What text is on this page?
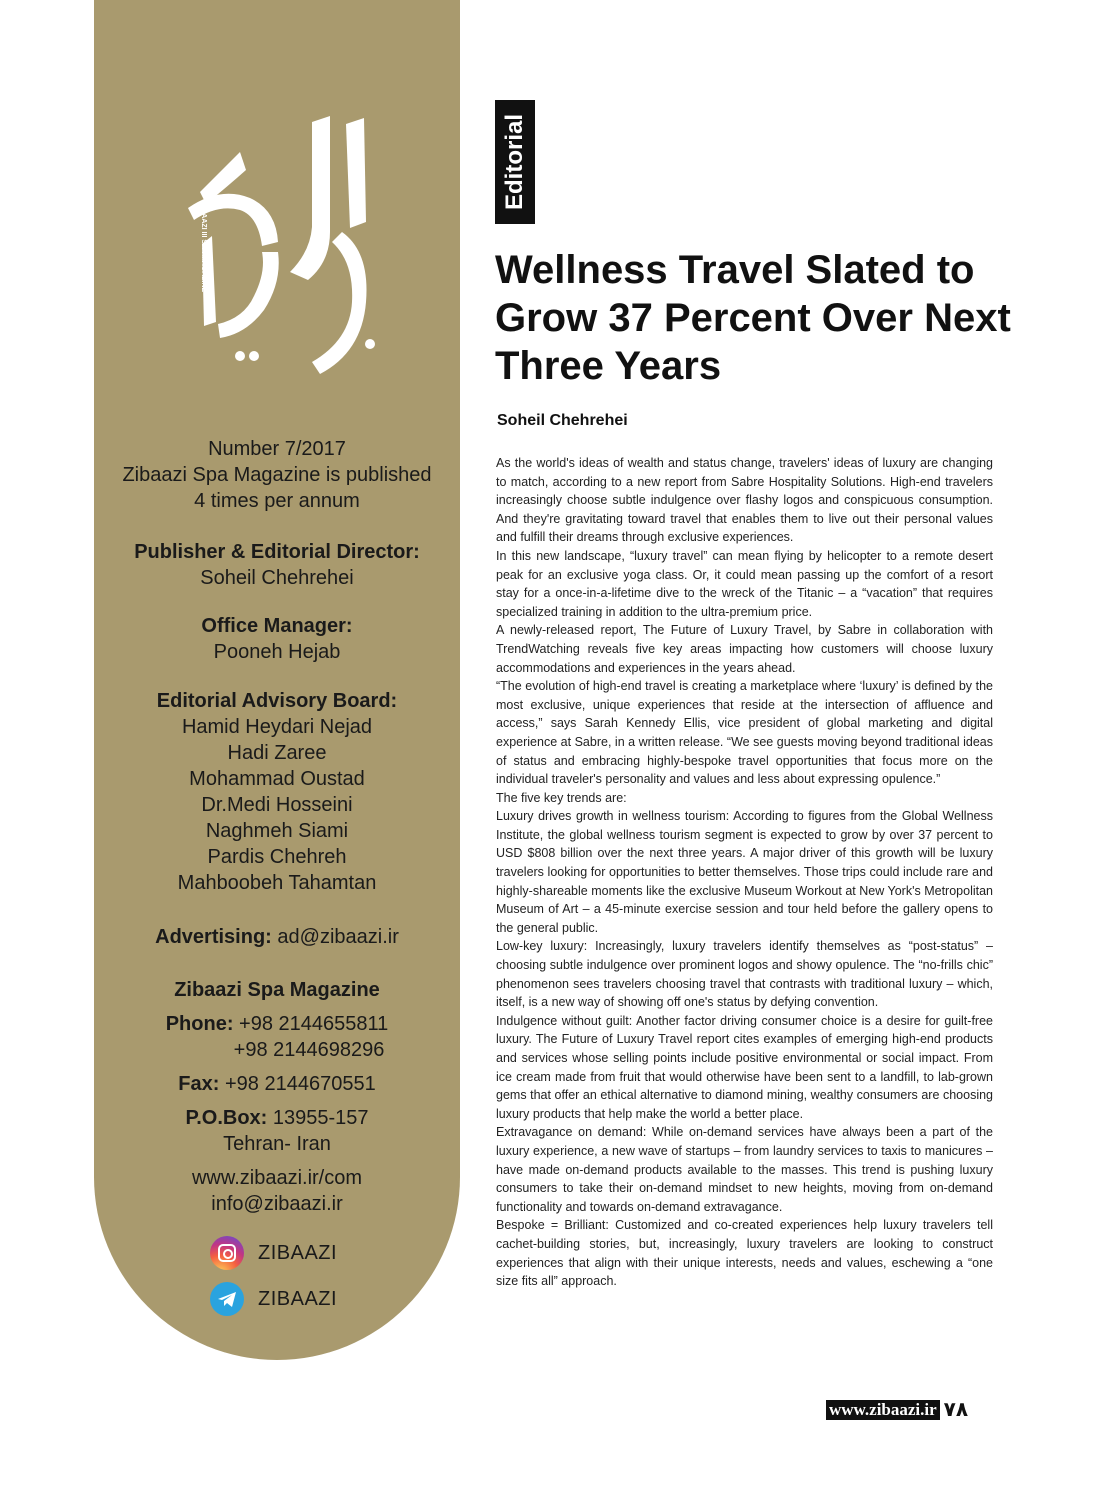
ZIBAAZI III SPA MAGAZINE
Number 7/2017
Zibaazi Spa Magazine is published
4 times per annum
Publisher & Editorial Director:
Soheil Chehrehei
Office Manager:
Pooneh Hejab
Editorial Advisory Board:
Hamid Heydari Nejad
Hadi Zaree
Mohammad Oustad
Dr.Medi Hosseini
Naghmeh Siami
Pardis Chehreh
Mahboobeh Tahamtan
Advertising: ad@zibaazi.ir
Zibaazi Spa Magazine
Phone: +98 2144655811
+98 2144698296
Fax: +98 2144670551
P.O.Box: 13955-157
Tehran- Iran
www.zibaazi.ir/com
info@zibaazi.ir
ZIBAAZI
ZIBAAZI
Editorial
Wellness Travel Slated to Grow 37 Percent Over Next Three Years
Soheil Chehrehei

As the world's ideas of wealth and status change, travelers' ideas of luxury are changing to match, according to a new report from Sabre Hospitality Solutions. High-end travelers increasingly choose subtle indulgence over flashy logos and conspicuous consumption. And they're gravitating toward travel that enables them to live out their personal values and fulfill their dreams through exclusive experiences.

In this new landscape, “luxury travel” can mean flying by helicopter to a remote desert peak for an exclusive yoga class. Or, it could mean passing up the comfort of a resort stay for a once-in-a-lifetime dive to the wreck of the Titanic – a “vacation” that requires specialized training in addition to the ultra-premium price.

A newly-released report, The Future of Luxury Travel, by Sabre in collaboration with TrendWatching reveals five key areas impacting how customers will choose luxury accommodations and experiences in the years ahead.

“The evolution of high-end travel is creating a marketplace where ‘luxury’ is defined by the most exclusive, unique experiences that reside at the intersection of affluence and access,” says Sarah Kennedy Ellis, vice president of global marketing and digital experience at Sabre, in a written release. “We see guests moving beyond traditional ideas of status and embracing highly-bespoke travel opportunities that focus more on the individual traveler's personality and values and less about expressing opulence.”

The five key trends are:

Luxury drives growth in wellness tourism: According to figures from the Global Wellness Institute, the global wellness tourism segment is expected to grow by over 37 percent to USD $808 billion over the next three years. A major driver of this growth will be luxury travelers looking for opportunities to better themselves. Those trips could include rare and highly-shareable moments like the exclusive Museum Workout at New York's Metropolitan Museum of Art – a 45-minute exercise session and tour held before the gallery opens to the general public.

Low-key luxury: Increasingly, luxury travelers identify themselves as “post-status” – choosing subtle indulgence over prominent logos and showy opulence. The “no-frills chic” phenomenon sees travelers choosing travel that contrasts with traditional luxury – which, itself, is a new way of showing off one's status by defying convention.

Indulgence without guilt: Another factor driving consumer choice is a desire for guilt-free luxury. The Future of Luxury Travel report cites examples of emerging high-end products and services whose selling points include positive environmental or social impact. From ice cream made from fruit that would otherwise have been sent to a landfill, to lab-grown gems that offer an ethical alternative to diamond mining, wealthy consumers are choosing luxury products that help make the world a better place.

Extravagance on demand: While on-demand services have always been a part of the luxury experience, a new wave of startups – from laundry services to taxis to manicures – have made on-demand products available to the masses. This trend is pushing luxury consumers to take their on-demand mindset to new heights, moving from on-demand functionality and towards on-demand extravagance.

Bespoke = Brilliant: Customized and co-created experiences help luxury travelers tell cachet-building stories, but, increasingly, luxury travelers are looking to construct experiences that align with their unique interests, needs and values, eschewing a “one size fits all” approach.

www.zibaazi.ir ۷۸
